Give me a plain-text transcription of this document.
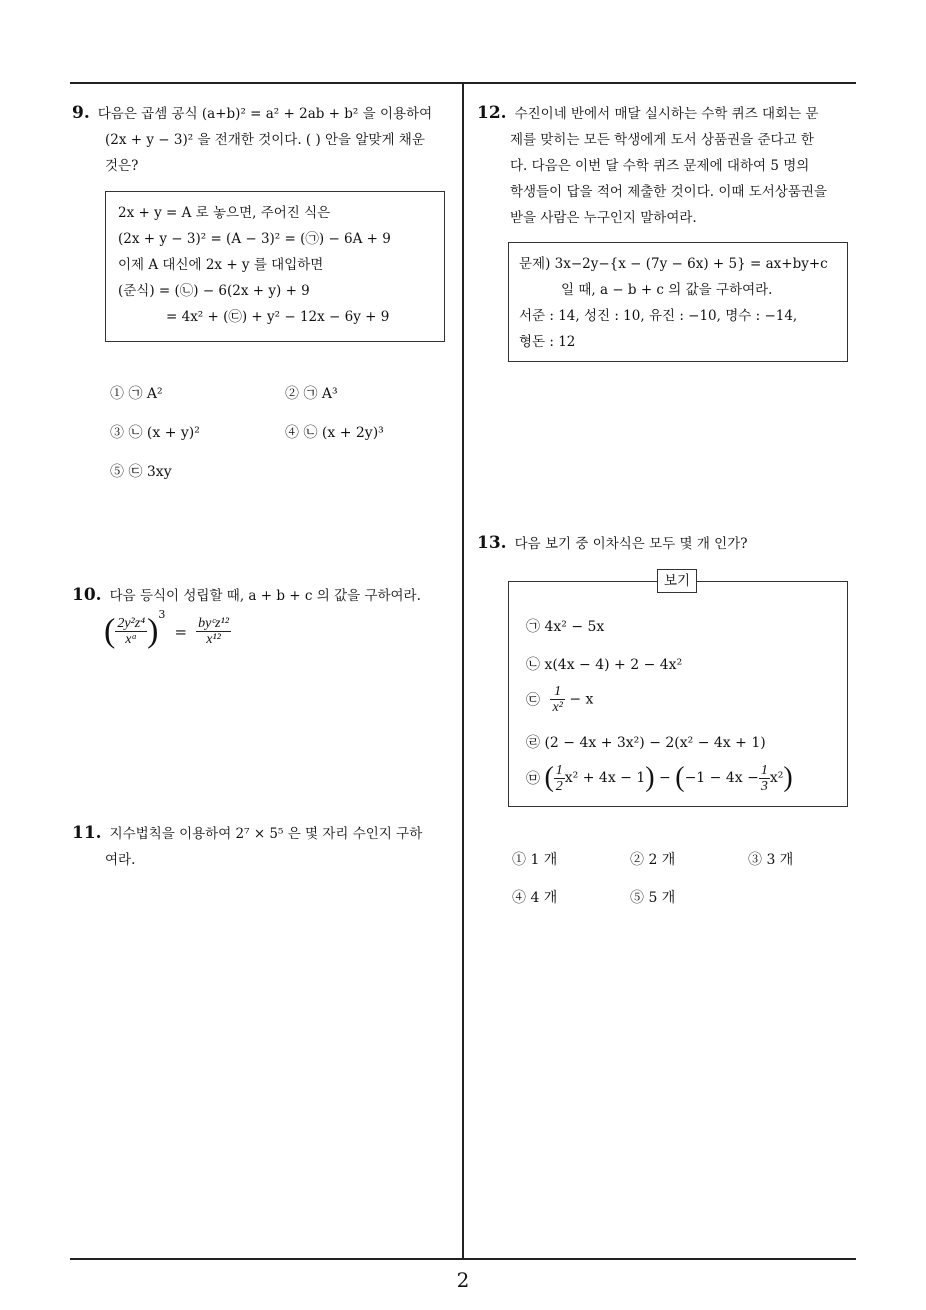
2
9. 다음은 곱셈 공식 (a+b)² = a² + 2ab + b² 을 이용하여
(2x + y − 3)² 을 전개한 것이다. ( ) 안을 알맞게 채운
것은?
2x + y = A 로 놓으면, 주어진 식은
(2x + y − 3)² = (A − 3)² = (㉠) − 6A + 9
이제 A 대신에 2x + y 를 대입하면
(준식) = (㉡) − 6(2x + y) + 9
= 4x² + (㉢) + y² − 12x − 6y + 9
① ㉠ A²	② ㉠ A³
③ ㉡ (x + y)²	④ ㉡ (x + 2y)³
⑤ ㉢ 3xy
10. 다음 등식이 성립할 때, a + b + c 의 값을 구하여라.
( $\frac{\text{2y²z⁴}}{\text{xᵃ}} )^3 = \frac{\text{byᶜz¹²}}{\text{x¹²}}$
11. 지수법칙을 이용하여 2⁷ × 5⁵ 은 몇 자리 수인지 구하
여라.
12. 수진이네 반에서 매달 실시하는 수학 퀴즈 대회는 문
제를 맞히는 모든 학생에게 도서 상품권을 준다고 한
다. 다음은 이번 달 수학 퀴즈 문제에 대하여 5 명의
학생들이 답을 적어 제출한 것이다. 이때 도서상품권을
받을 사람은 누구인지 말하여라.
문제) 3x−2y−{x − (7y − 6x) + 5} = ax+by+c
일 때, a − b + c 의 값을 구하여라.
서준 : 14, 성진 : 10, 유진 : −10, 명수 : −14,
형돈 : 12
13. 다음 보기 중 이차식은 모두 몇 개 인가?
보기
㉠ 4x² − 5x
㉡ x(4x − 4) + 2 − 4x²
㉢ $\frac{1}{\text{x²}} - x$
㉣ (2 − 4x + 3x²) − 2(x² − 4x + 1)
㉤ ( $\frac{1}{2} x^2 + 4x - 1) - (-1 - 4x - \frac{1}{3} x^2)$
① 1 개	② 2 개	③ 3 개
④ 4 개	⑤ 5 개
